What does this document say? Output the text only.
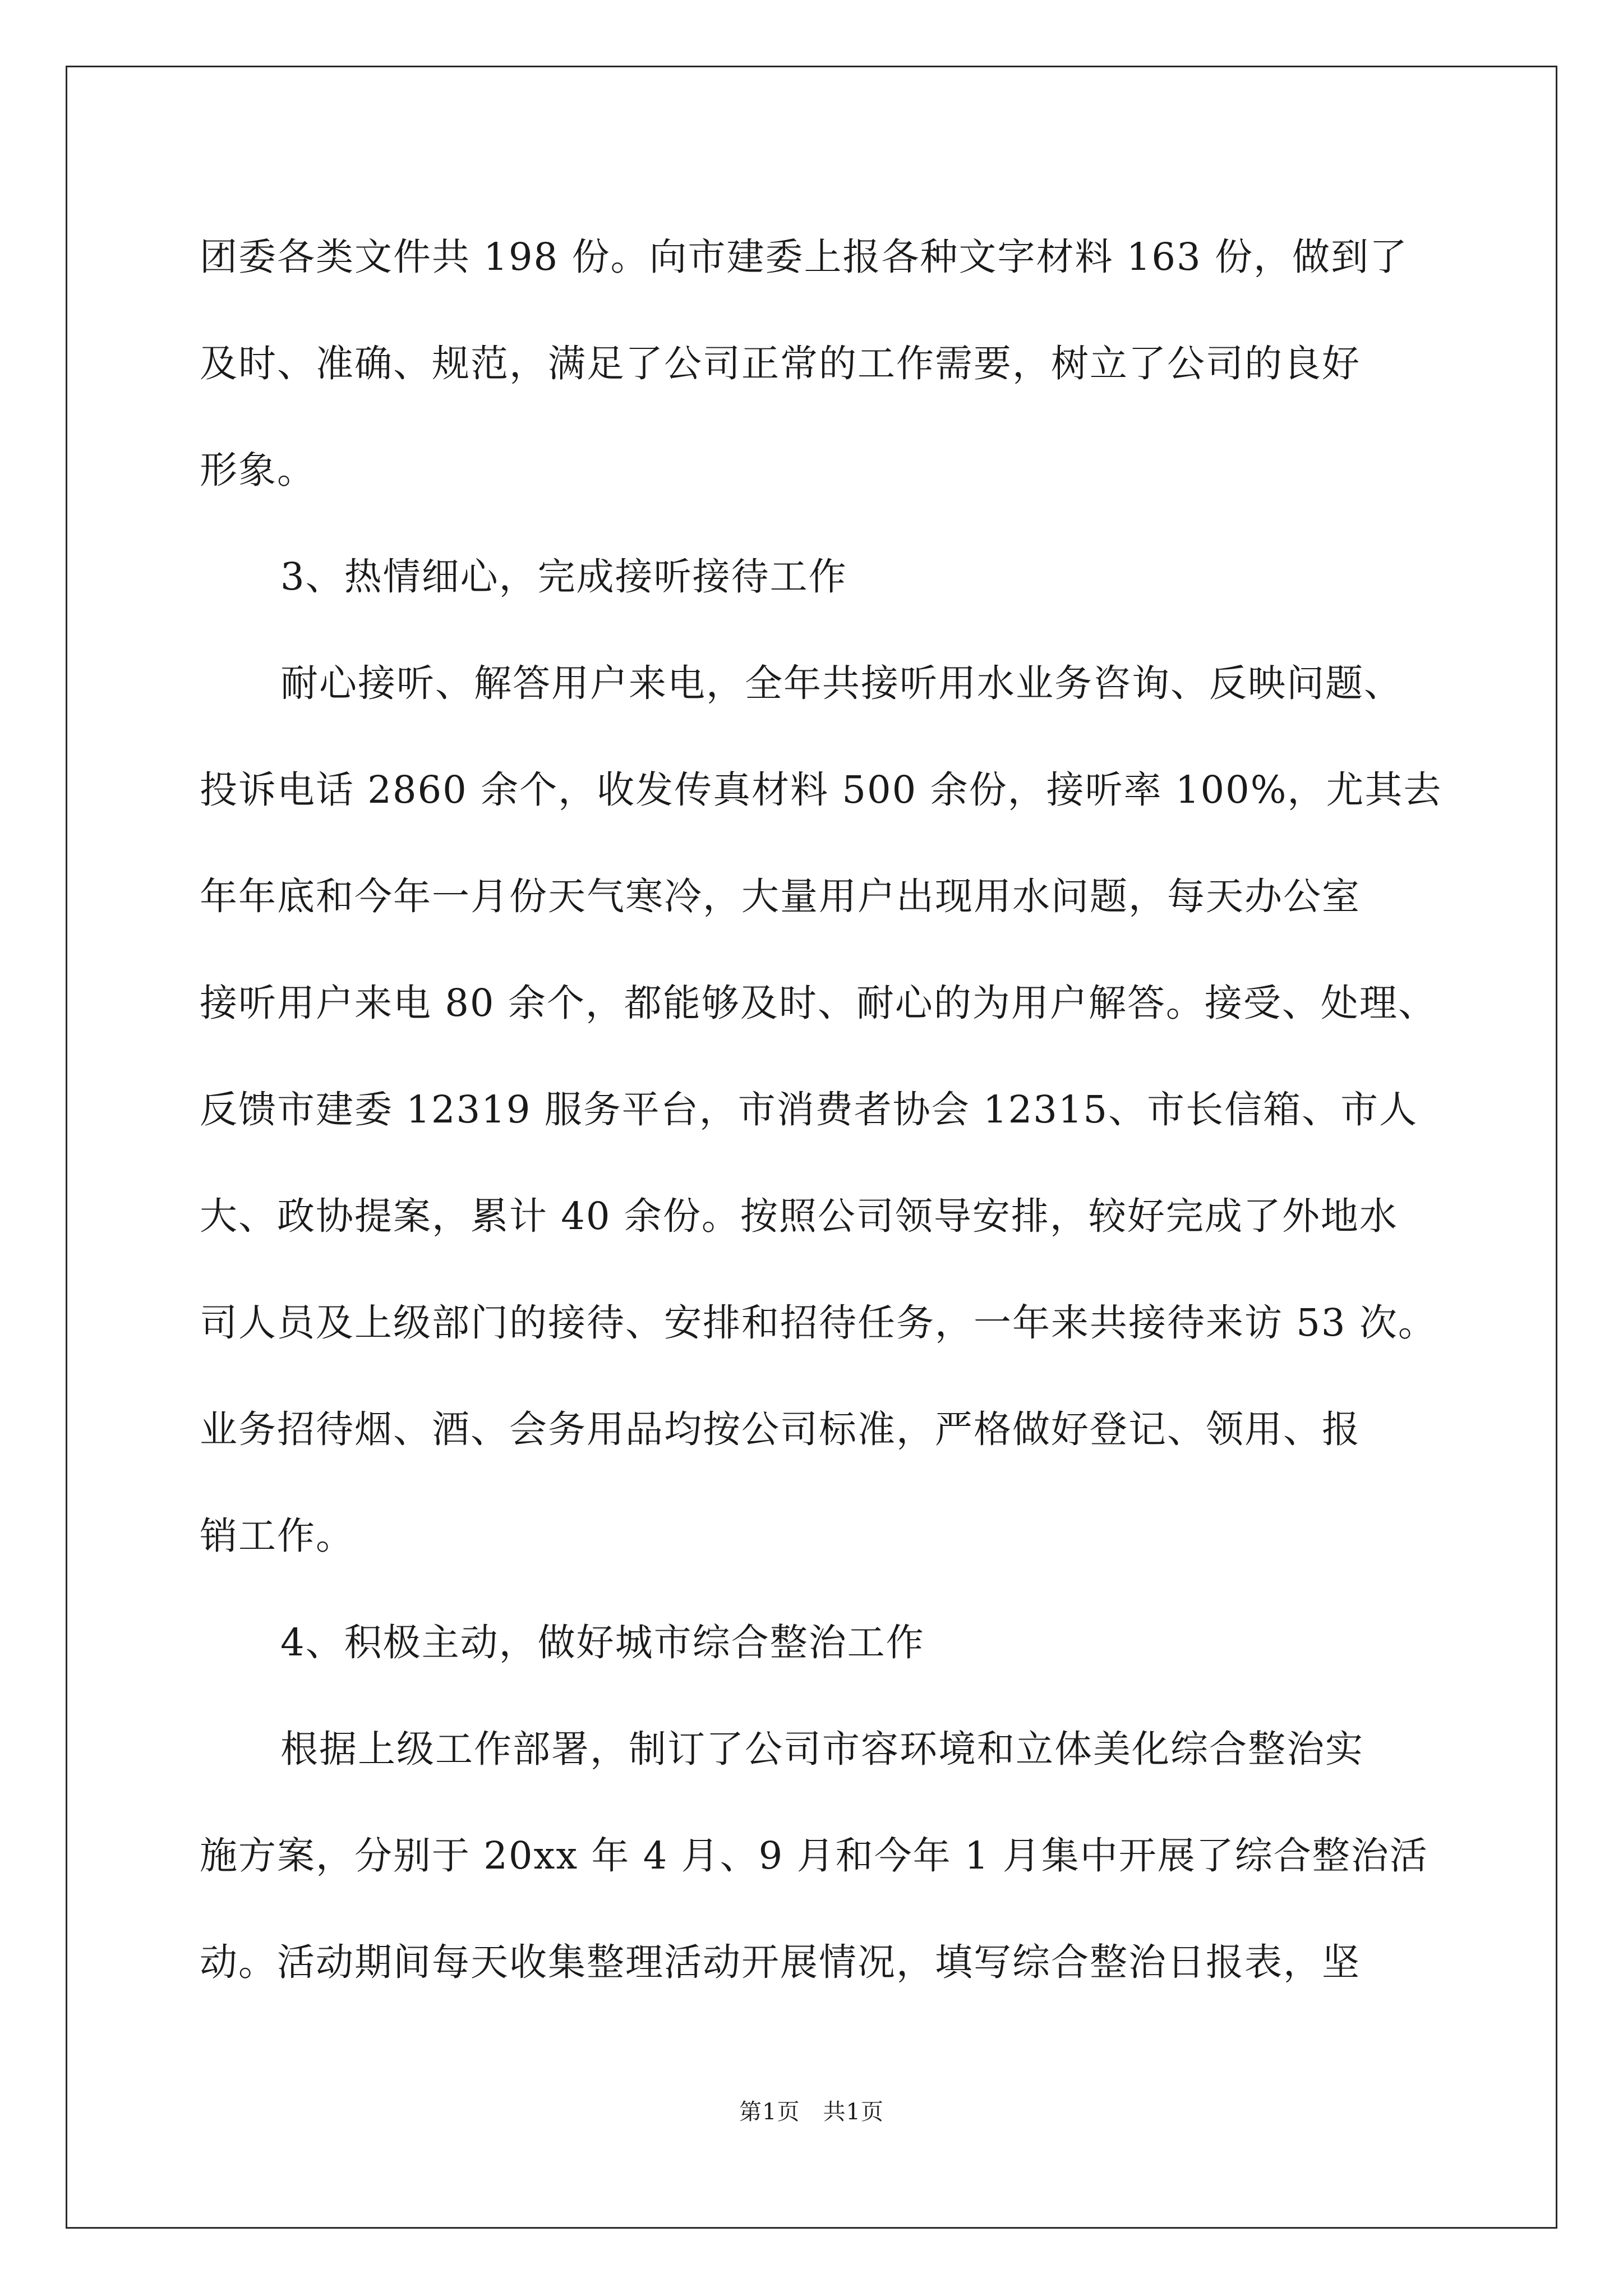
团委各类文件共 198 份。向市建委上报各种文字材料 163 份，做到了
及时、准确、规范，满足了公司正常的工作需要，树立了公司的良好
形象。
3、热情细心，完成接听接待工作
耐心接听、解答用户来电，全年共接听用水业务咨询、反映问题、
投诉电话 2860 余个，收发传真材料 500 余份，接听率 100%，尤其去
年年底和今年一月份天气寒冷，大量用户出现用水问题，每天办公室
接听用户来电 80 余个，都能够及时、耐心的为用户解答。接受、处理、
反馈市建委 12319 服务平台，市消费者协会 12315、市长信箱、市人
大、政协提案，累计 40 余份。按照公司领导安排，较好完成了外地水
司人员及上级部门的接待、安排和招待任务，一年来共接待来访 53 次。
业务招待烟、酒、会务用品均按公司标准，严格做好登记、领用、报
销工作。
4、积极主动，做好城市综合整治工作
根据上级工作部署，制订了公司市容环境和立体美化综合整治实
施方案，分别于 20xx 年 4 月、9 月和今年 1 月集中开展了综合整治活
动。活动期间每天收集整理活动开展情况，填写综合整治日报表，坚
第1页　共1页
